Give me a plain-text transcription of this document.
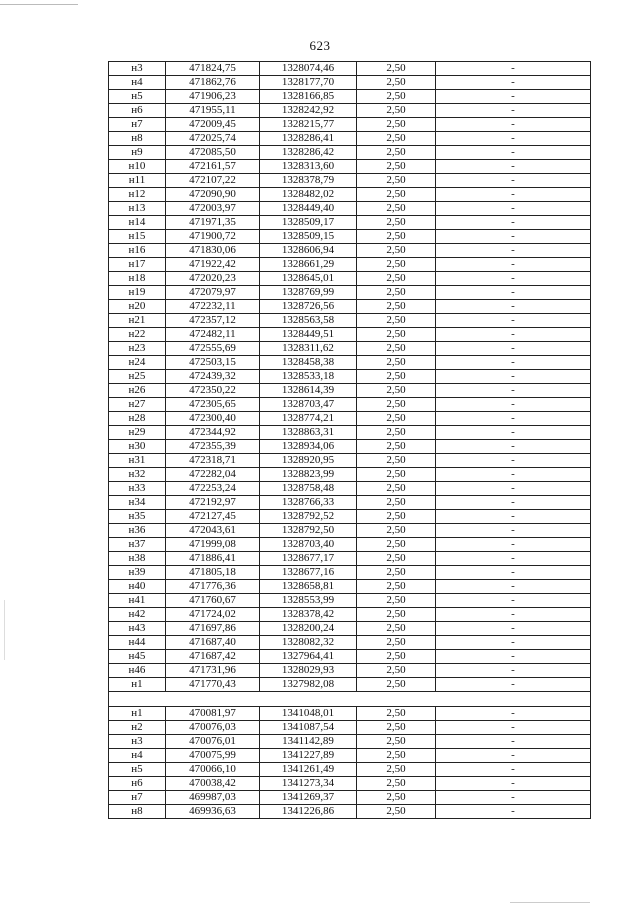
623
н3	471824,75	1328074,46	2,50	-
н4	471862,76	1328177,70	2,50	-
н5	471906,23	1328166,85	2,50	-
н6	471955,11	1328242,92	2,50	-
н7	472009,45	1328215,77	2,50	-
н8	472025,74	1328286,41	2,50	-
н9	472085,50	1328286,42	2,50	-
н10	472161,57	1328313,60	2,50	-
н11	472107,22	1328378,79	2,50	-
н12	472090,90	1328482,02	2,50	-
н13	472003,97	1328449,40	2,50	-
н14	471971,35	1328509,17	2,50	-
н15	471900,72	1328509,15	2,50	-
н16	471830,06	1328606,94	2,50	-
н17	471922,42	1328661,29	2,50	-
н18	472020,23	1328645,01	2,50	-
н19	472079,97	1328769,99	2,50	-
н20	472232,11	1328726,56	2,50	-
н21	472357,12	1328563,58	2,50	-
н22	472482,11	1328449,51	2,50	-
н23	472555,69	1328311,62	2,50	-
н24	472503,15	1328458,38	2,50	-
н25	472439,32	1328533,18	2,50	-
н26	472350,22	1328614,39	2,50	-
н27	472305,65	1328703,47	2,50	-
н28	472300,40	1328774,21	2,50	-
н29	472344,92	1328863,31	2,50	-
н30	472355,39	1328934,06	2,50	-
н31	472318,71	1328920,95	2,50	-
н32	472282,04	1328823,99	2,50	-
н33	472253,24	1328758,48	2,50	-
н34	472192,97	1328766,33	2,50	-
н35	472127,45	1328792,52	2,50	-
н36	472043,61	1328792,50	2,50	-
н37	471999,08	1328703,40	2,50	-
н38	471886,41	1328677,17	2,50	-
н39	471805,18	1328677,16	2,50	-
н40	471776,36	1328658,81	2,50	-
н41	471760,67	1328553,99	2,50	-
н42	471724,02	1328378,42	2,50	-
н43	471697,86	1328200,24	2,50	-
н44	471687,40	1328082,32	2,50	-
н45	471687,42	1327964,41	2,50	-
н46	471731,96	1328029,93	2,50	-
н1	471770,43	1327982,08	2,50	-

н1	470081,97	1341048,01	2,50	-
н2	470076,03	1341087,54	2,50	-
н3	470076,01	1341142,89	2,50	-
н4	470075,99	1341227,89	2,50	-
н5	470066,10	1341261,49	2,50	-
н6	470038,42	1341273,34	2,50	-
н7	469987,03	1341269,37	2,50	-
н8	469936,63	1341226,86	2,50	-
